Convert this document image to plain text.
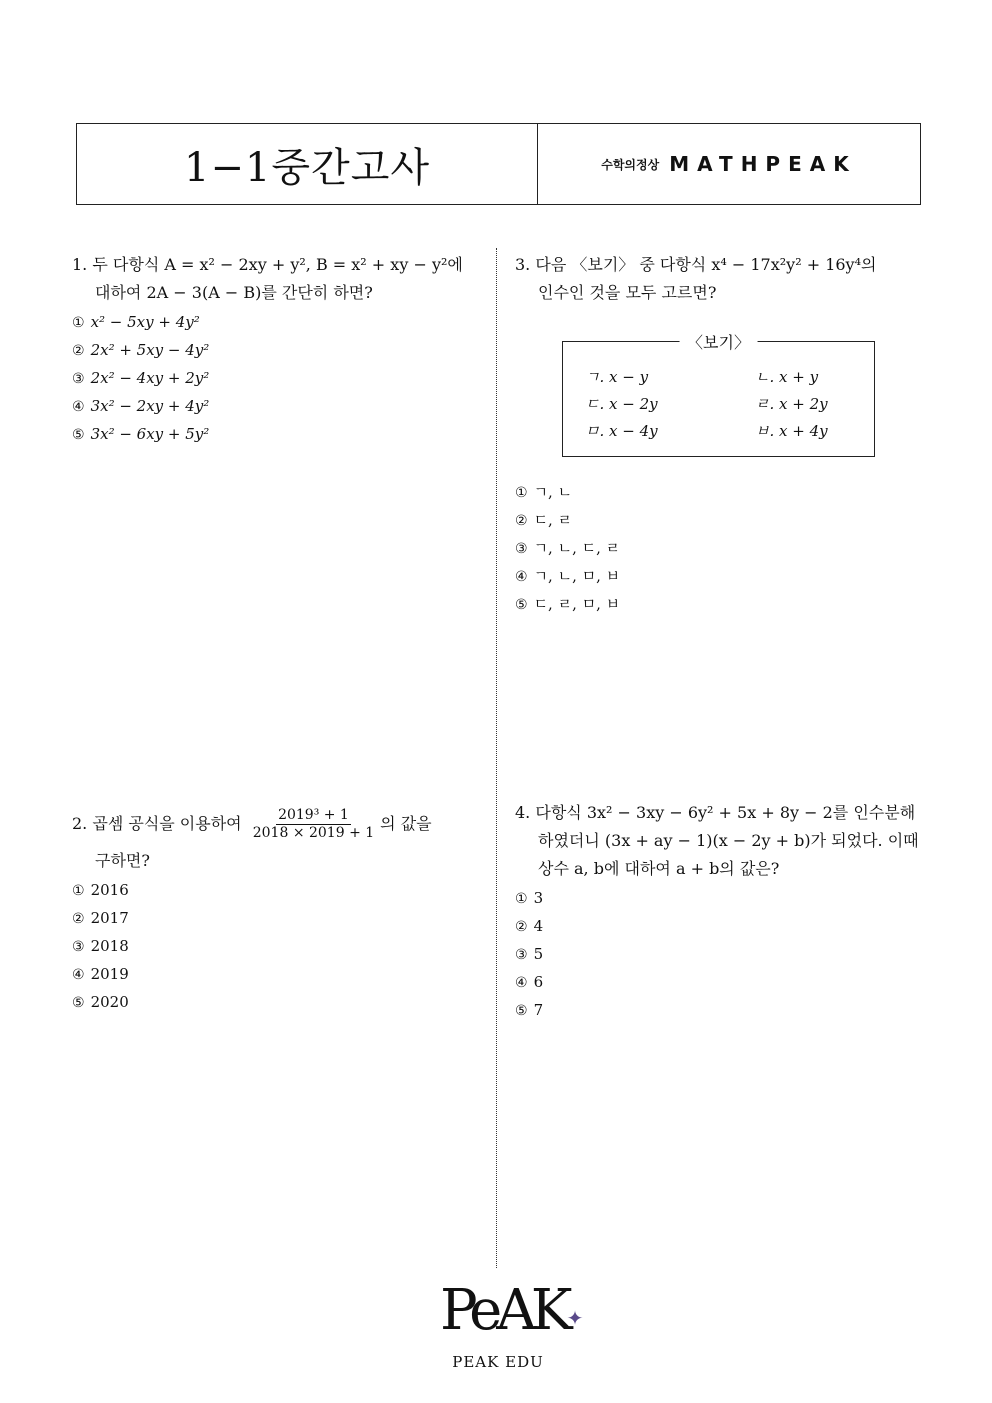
1−1중간고사	수학의정상 MATHPEAK
1. 두 다항식 A = x² − 2xy + y², B = x² + xy − y²에
대하여 2A − 3(A − B)를 간단히 하면?
① x² − 5xy + 4y²
② 2x² + 5xy − 4y²
③ 2x² − 4xy + 2y²
④ 3x² − 2xy + 4y²
⑤ 3x² − 6xy + 5y²
2. 곱셈 공식을 이용하여 $\frac{\text{2019³ + 1}}{2018 \times 2019 + 1}$ 의 값을
구하면?
① 2016
② 2017
③ 2018
④ 2019
⑤ 2020
3. 다음 〈보기〉 중 다항식 x⁴ − 17x²y² + 16y⁴의
인수인 것을 모두 고르면?
〈보기〉
ㄱ. x − y	ㄴ. x + y
ㄷ. x − 2y	ㄹ. x + 2y
ㅁ. x − 4y	ㅂ. x + 4y
① ㄱ, ㄴ
② ㄷ, ㄹ
③ ㄱ, ㄴ, ㄷ, ㄹ
④ ㄱ, ㄴ, ㅁ, ㅂ
⑤ ㄷ, ㄹ, ㅁ, ㅂ
4. 다항식 3x² − 3xy − 6y² + 5x + 8y − 2를 인수분해
하였더니 (3x + ay − 1)(x − 2y + b)가 되었다. 이때
상수 a, b에 대하여 a + b의 값은?
① 3
② 4
③ 5
④ 6
⑤ 7
PeAK✦
PEAK EDU
